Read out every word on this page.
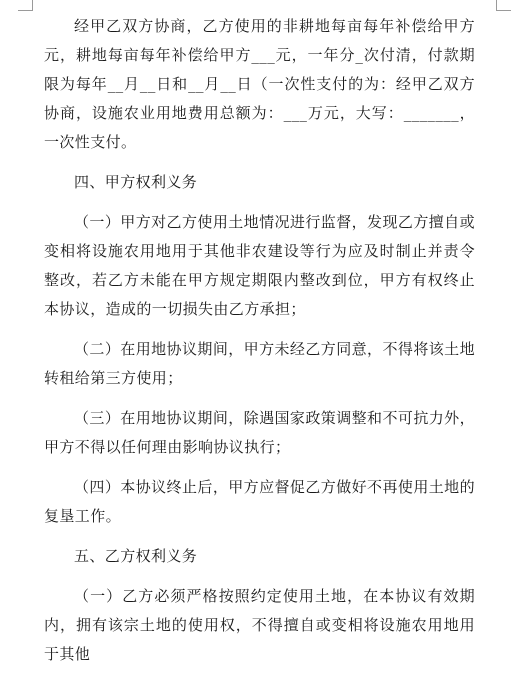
经甲乙双方协商，乙方使用的非耕地每亩每年补偿给甲方元，耕地每亩每年补偿给甲方___元，一年分_次付清，付款期限为每年__月__日和__月__日（一次性支付的为：经甲乙双方协商，设施农业用地费用总额为：___万元，大写：_______，一次性支付。

四、甲方权利义务

（一）甲方对乙方使用土地情况进行监督，发现乙方擅自或变相将设施农用地用于其他非农建设等行为应及时制止并责令整改，若乙方未能在甲方规定期限内整改到位，甲方有权终止本协议，造成的一切损失由乙方承担；

（二）在用地协议期间，甲方未经乙方同意，不得将该土地转租给第三方使用；

（三）在用地协议期间，除遇国家政策调整和不可抗力外，甲方不得以任何理由影响协议执行；

（四）本协议终止后，甲方应督促乙方做好不再使用土地的复垦工作。

五、乙方权利义务

（一）乙方必须严格按照约定使用土地，在本协议有效期内，拥有该宗土地的使用权，不得擅自或变相将设施农用地用于其他
